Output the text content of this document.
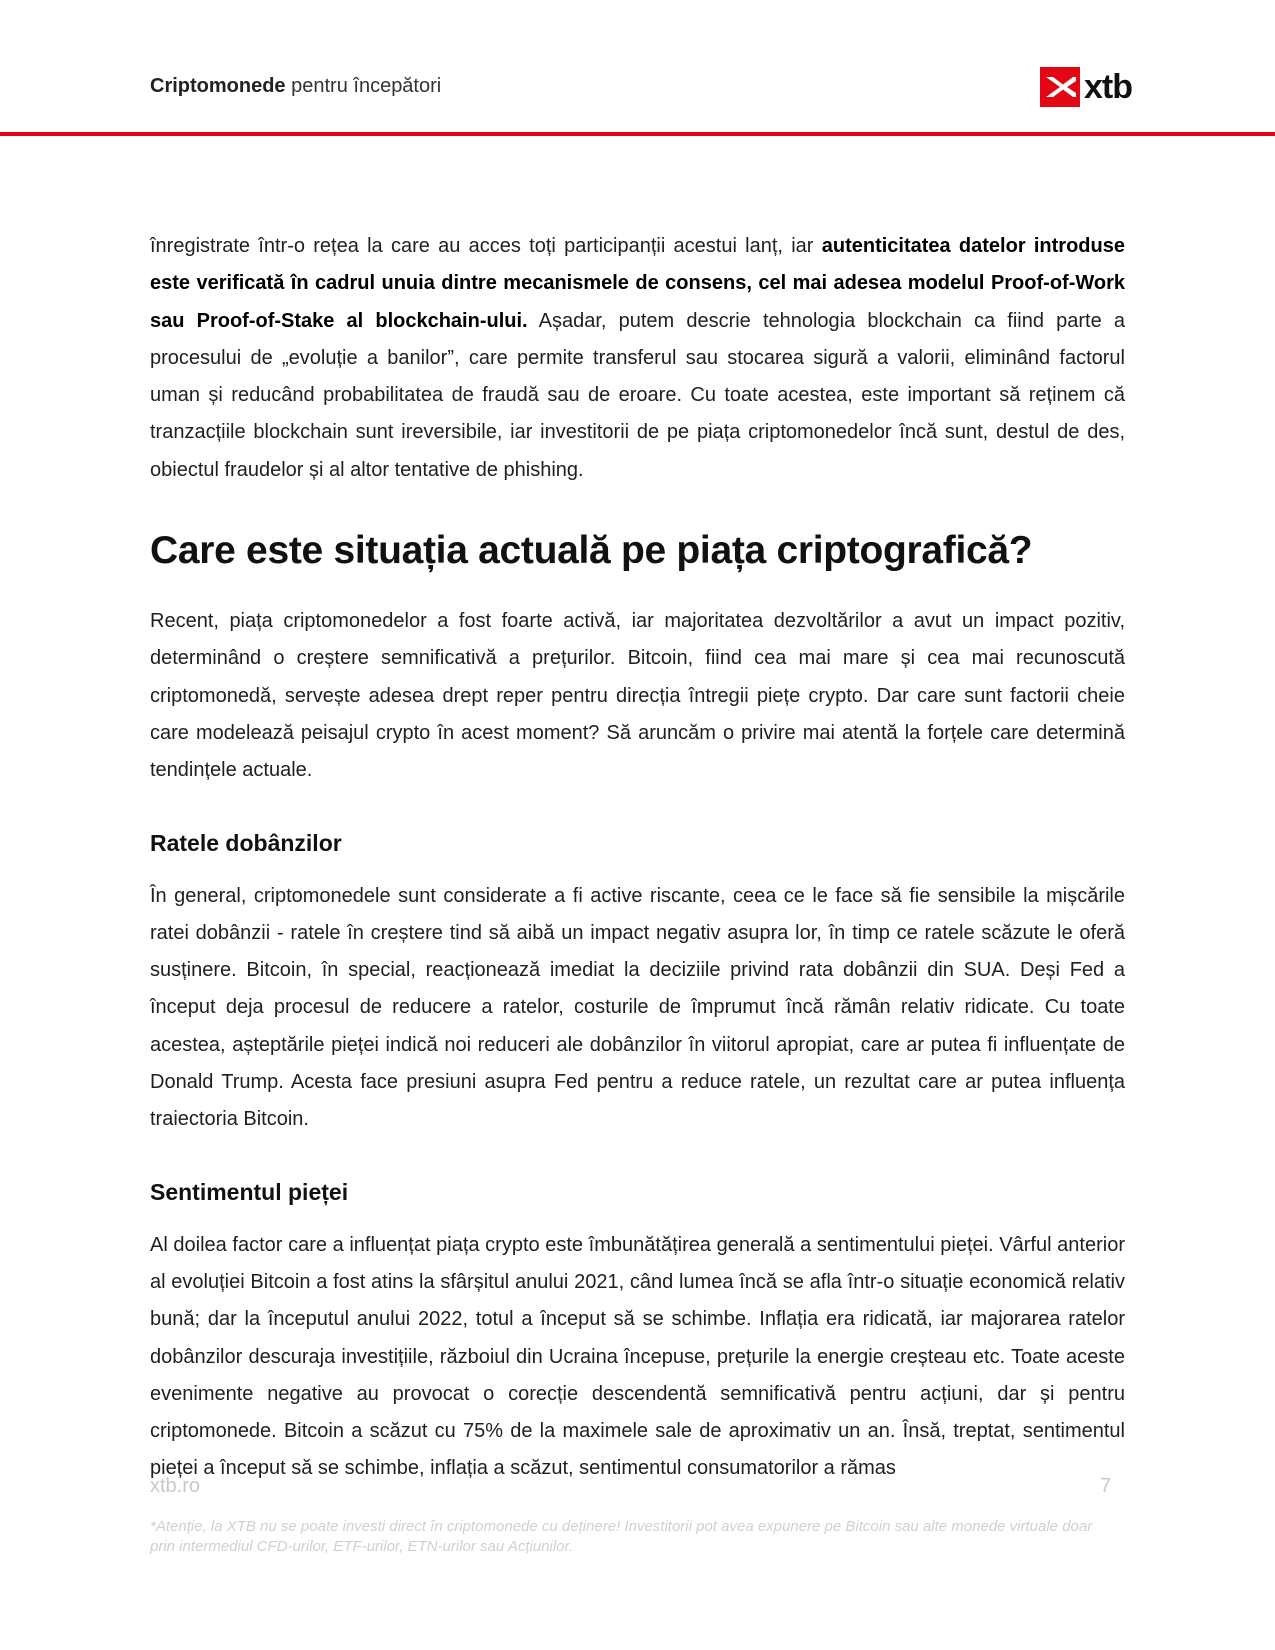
Criptomonede pentru începători	xtb

înregistrate într-o rețea la care au acces toți participanții acestui lanț, iar autenticitatea datelor introduse este verificată în cadrul unuia dintre mecanismele de consens, cel mai adesea modelul Proof-of-Work sau Proof-of-Stake al blockchain-ului. Așadar, putem descrie tehnologia blockchain ca fiind parte a procesului de „evoluție a banilor”, care permite transferul sau stocarea sigură a valorii, eliminând factorul uman și reducând probabilitatea de fraudă sau de eroare. Cu toate acestea, este important să reținem că tranzacțiile blockchain sunt ireversibile, iar investitorii de pe piața criptomonedelor încă sunt, destul de des, obiectul fraudelor și al altor tentative de phishing.

Care este situația actuală pe piața criptografică?

Recent, piața criptomonedelor a fost foarte activă, iar majoritatea dezvoltărilor a avut un impact pozitiv, determinând o creștere semnificativă a prețurilor. Bitcoin, fiind cea mai mare și cea mai recunoscută criptomonedă, servește adesea drept reper pentru direcția întregii piețe crypto. Dar care sunt factorii cheie care modelează peisajul crypto în acest moment? Să aruncăm o privire mai atentă la forțele care determină tendințele actuale.

Ratele dobânzilor

În general, criptomonedele sunt considerate a fi active riscante, ceea ce le face să fie sensibile la mișcările ratei dobânzii - ratele în creștere tind să aibă un impact negativ asupra lor, în timp ce ratele scăzute le oferă susținere. Bitcoin, în special, reacționează imediat la deciziile privind rata dobânzii din SUA. Deși Fed a început deja procesul de reducere a ratelor, costurile de împrumut încă rămân relativ ridicate. Cu toate acestea, așteptările pieței indică noi reduceri ale dobânzilor în viitorul apropiat, care ar putea fi influențate de Donald Trump. Acesta face presiuni asupra Fed pentru a reduce ratele, un rezultat care ar putea influența traiectoria Bitcoin.

Sentimentul pieței

Al doilea factor care a influențat piața crypto este îmbunătățirea generală a sentimentului pieței. Vârful anterior al evoluției Bitcoin a fost atins la sfârșitul anului 2021, când lumea încă se afla într-o situație economică relativ bună; dar la începutul anului 2022, totul a început să se schimbe. Inflația era ridicată, iar majorarea ratelor dobânzilor descuraja investițiile, războiul din Ucraina începuse, prețurile la energie creșteau etc. Toate aceste evenimente negative au provocat o corecție descendentă semnificativă pentru acțiuni, dar și pentru criptomonede. Bitcoin a scăzut cu 75% de la maximele sale de aproximativ un an. Însă, treptat, sentimentul pieței a început să se schimbe, inflația a scăzut, sentimentul consumatorilor a rămas

xtb.ro	7
*Atenție, la XTB nu se poate investi direct în criptomonede cu deținere! Investitorii pot avea expunere pe Bitcoin sau alte monede virtuale doar prin intermediul CFD-urilor, ETF-urilor, ETN-urilor sau Acțiunilor.
